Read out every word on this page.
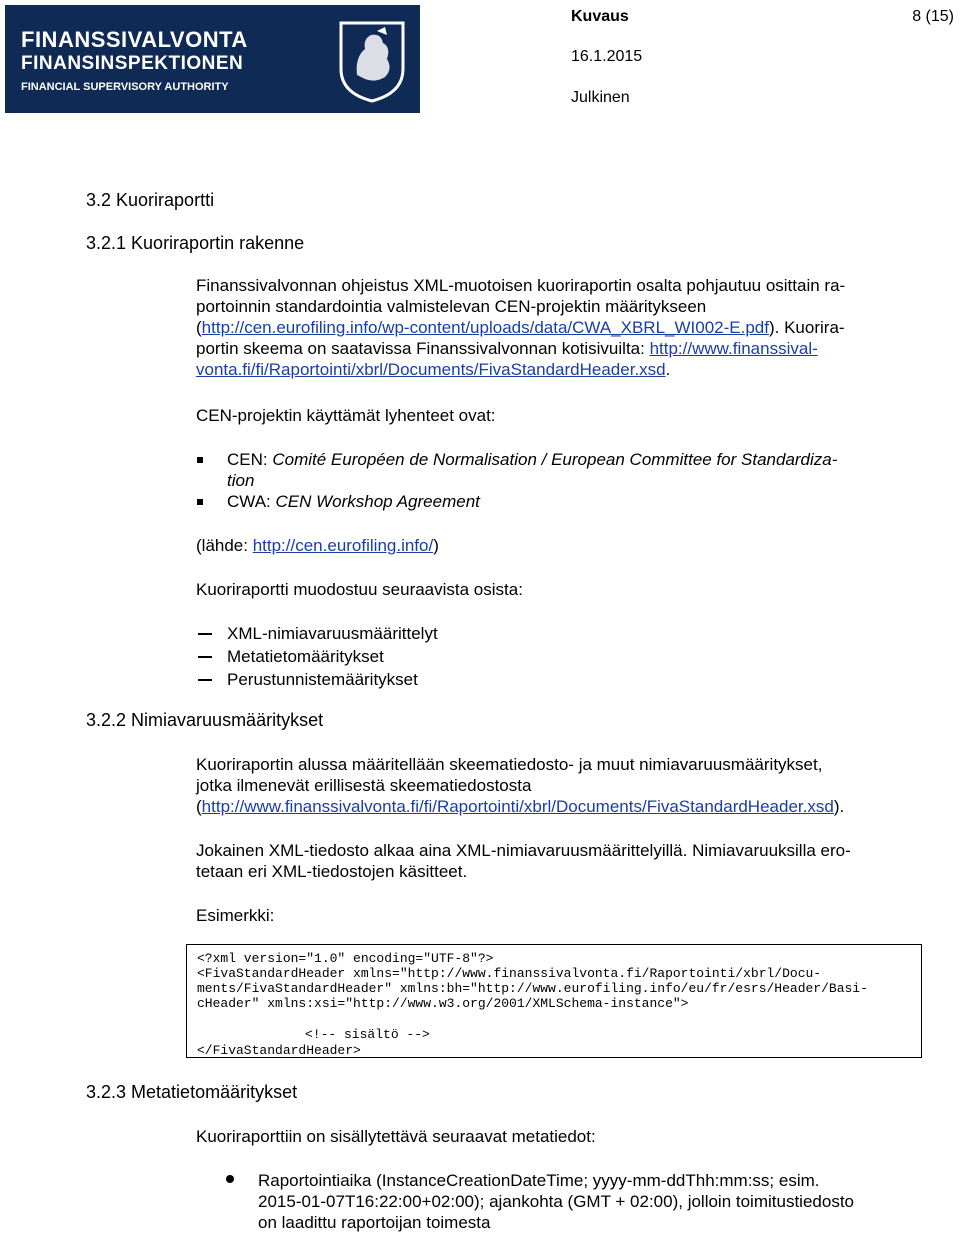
FINANSSIVALVONTA
FINANSINSPEKTIONEN
FINANCIAL SUPERVISORY AUTHORITY
Kuvaus	8 (15)
16.1.2015
Julkinen
3.2 Kuoriraportti
3.2.1 Kuoriraportin rakenne
Finanssivalvonnan ohjeistus XML-muotoisen kuoriraportin osalta pohjautuu osittain ra-
portoinnin standardointia valmistelevan CEN-projektin määritykseen
(http://cen.eurofiling.info/wp-content/uploads/data/CWA_XBRL_WI002-E.pdf). Kuorira-
portin skeema on saatavissa Finanssivalvonnan kotisivuilta: http://www.finanssival-
vonta.fi/fi/Raportointi/xbrl/Documents/FivaStandardHeader.xsd.
CEN-projektin käyttämät lyhenteet ovat:
CEN: Comité Européen de Normalisation / European Committee for Standardiza-
tion
CWA: CEN Workshop Agreement
(lähde: http://cen.eurofiling.info/)
Kuoriraportti muodostuu seuraavista osista:
XML-nimiavaruusmäärittelyt
Metatietomääritykset
Perustunnistemääritykset
3.2.2 Nimiavaruusmääritykset
Kuoriraportin alussa määritellään skeematiedosto- ja muut nimiavaruusmääritykset,
jotka ilmenevät erillisestä skeematiedostosta
(http://www.finanssivalvonta.fi/fi/Raportointi/xbrl/Documents/FivaStandardHeader.xsd).
Jokainen XML-tiedosto alkaa aina XML-nimiavaruusmäärittelyillä. Nimiavaruuksilla ero-
tetaan eri XML-tiedostojen käsitteet.
Esimerkki:
<?xml version="1.0" encoding="UTF-8"?>
<FivaStandardHeader xmlns="http://www.finanssivalvonta.fi/Raportointi/xbrl/Docu-
ments/FivaStandardHeader" xmlns:bh="http://www.eurofiling.info/eu/fr/esrs/Header/Basi-
cHeader" xmlns:xsi="http://www.w3.org/2001/XMLSchema-instance">
<!-- sisältö -->
</FivaStandardHeader>
3.2.3 Metatietomääritykset
Kuoriraporttiin on sisällytettävä seuraavat metatiedot:
Raportointiaika (InstanceCreationDateTime; yyyy-mm-ddThh:mm:ss; esim.
2015-01-07T16:22:00+02:00); ajankohta (GMT + 02:00), jolloin toimitustiedosto
on laadittu raportoijan toimesta
